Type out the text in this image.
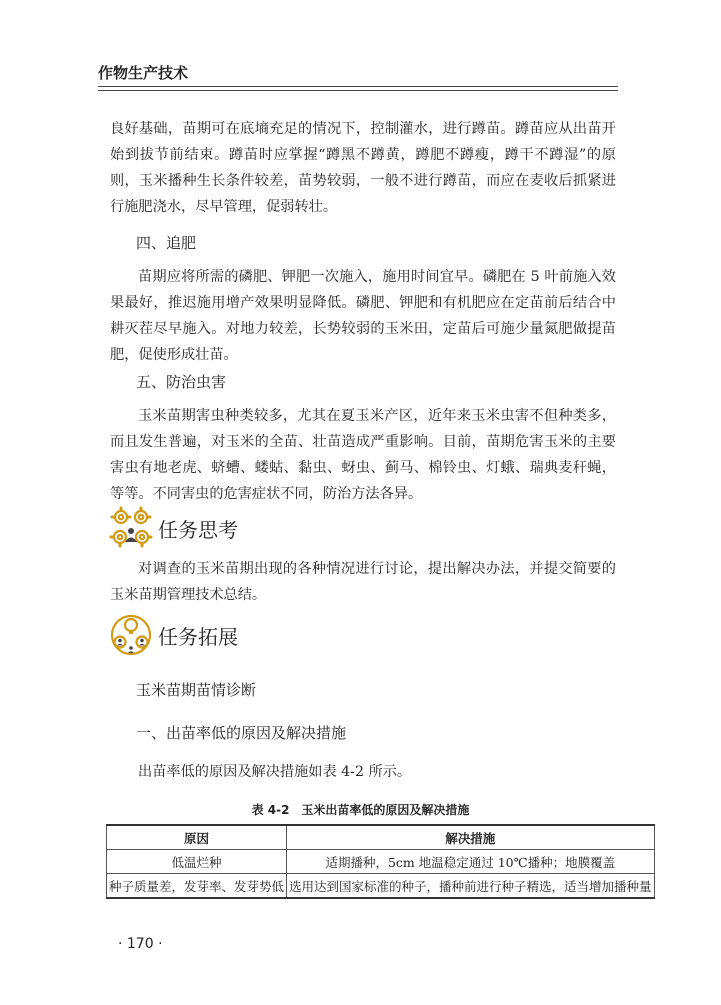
作物生产技术

良好基础，苗期可在底墒充足的情况下，控制灌水，进行蹲苗。蹲苗应从出苗开始到拔节前结束。蹲苗时应掌握“蹲黑不蹲黄，蹲肥不蹲瘦，蹲干不蹲湿”的原则，玉米播种生长条件较差，苗势较弱，一般不进行蹲苗，而应在麦收后抓紧进行施肥浇水，尽早管理，促弱转壮。

四、追肥

苗期应将所需的磷肥、钾肥一次施入，施用时间宜早。磷肥在 5 叶前施入效果最好，推迟施用增产效果明显降低。磷肥、钾肥和有机肥应在定苗前后结合中耕灭茬尽早施入。对地力较差，长势较弱的玉米田，定苗后可施少量氮肥做提苗肥，促使形成壮苗。

五、防治虫害

玉米苗期害虫种类较多，尤其在夏玉米产区，近年来玉米虫害不但种类多，而且发生普遍，对玉米的全苗、壮苗造成严重影响。目前，苗期危害玉米的主要害虫有地老虎、蛴螬、蝼蛄、黏虫、蚜虫、蓟马、棉铃虫、灯蛾、瑞典麦秆蝇，等等。不同害虫的危害症状不同，防治方法各异。

任务思考

对调查的玉米苗期出现的各种情况进行讨论，提出解决办法，并提交简要的玉米苗期管理技术总结。

任务拓展
玉米苗期苗情诊断
一、出苗率低的原因及解决措施

出苗率低的原因及解决措施如表 4-2 所示。

表 4-2　玉米出苗率低的原因及解决措施
原因	解决措施
低温烂种	适期播种，5cm 地温稳定通过 10℃播种；地膜覆盖
种子质量差，发芽率、发芽势低	选用达到国家标准的种子，播种前进行种子精选，适当增加播种量
· 170 ·
